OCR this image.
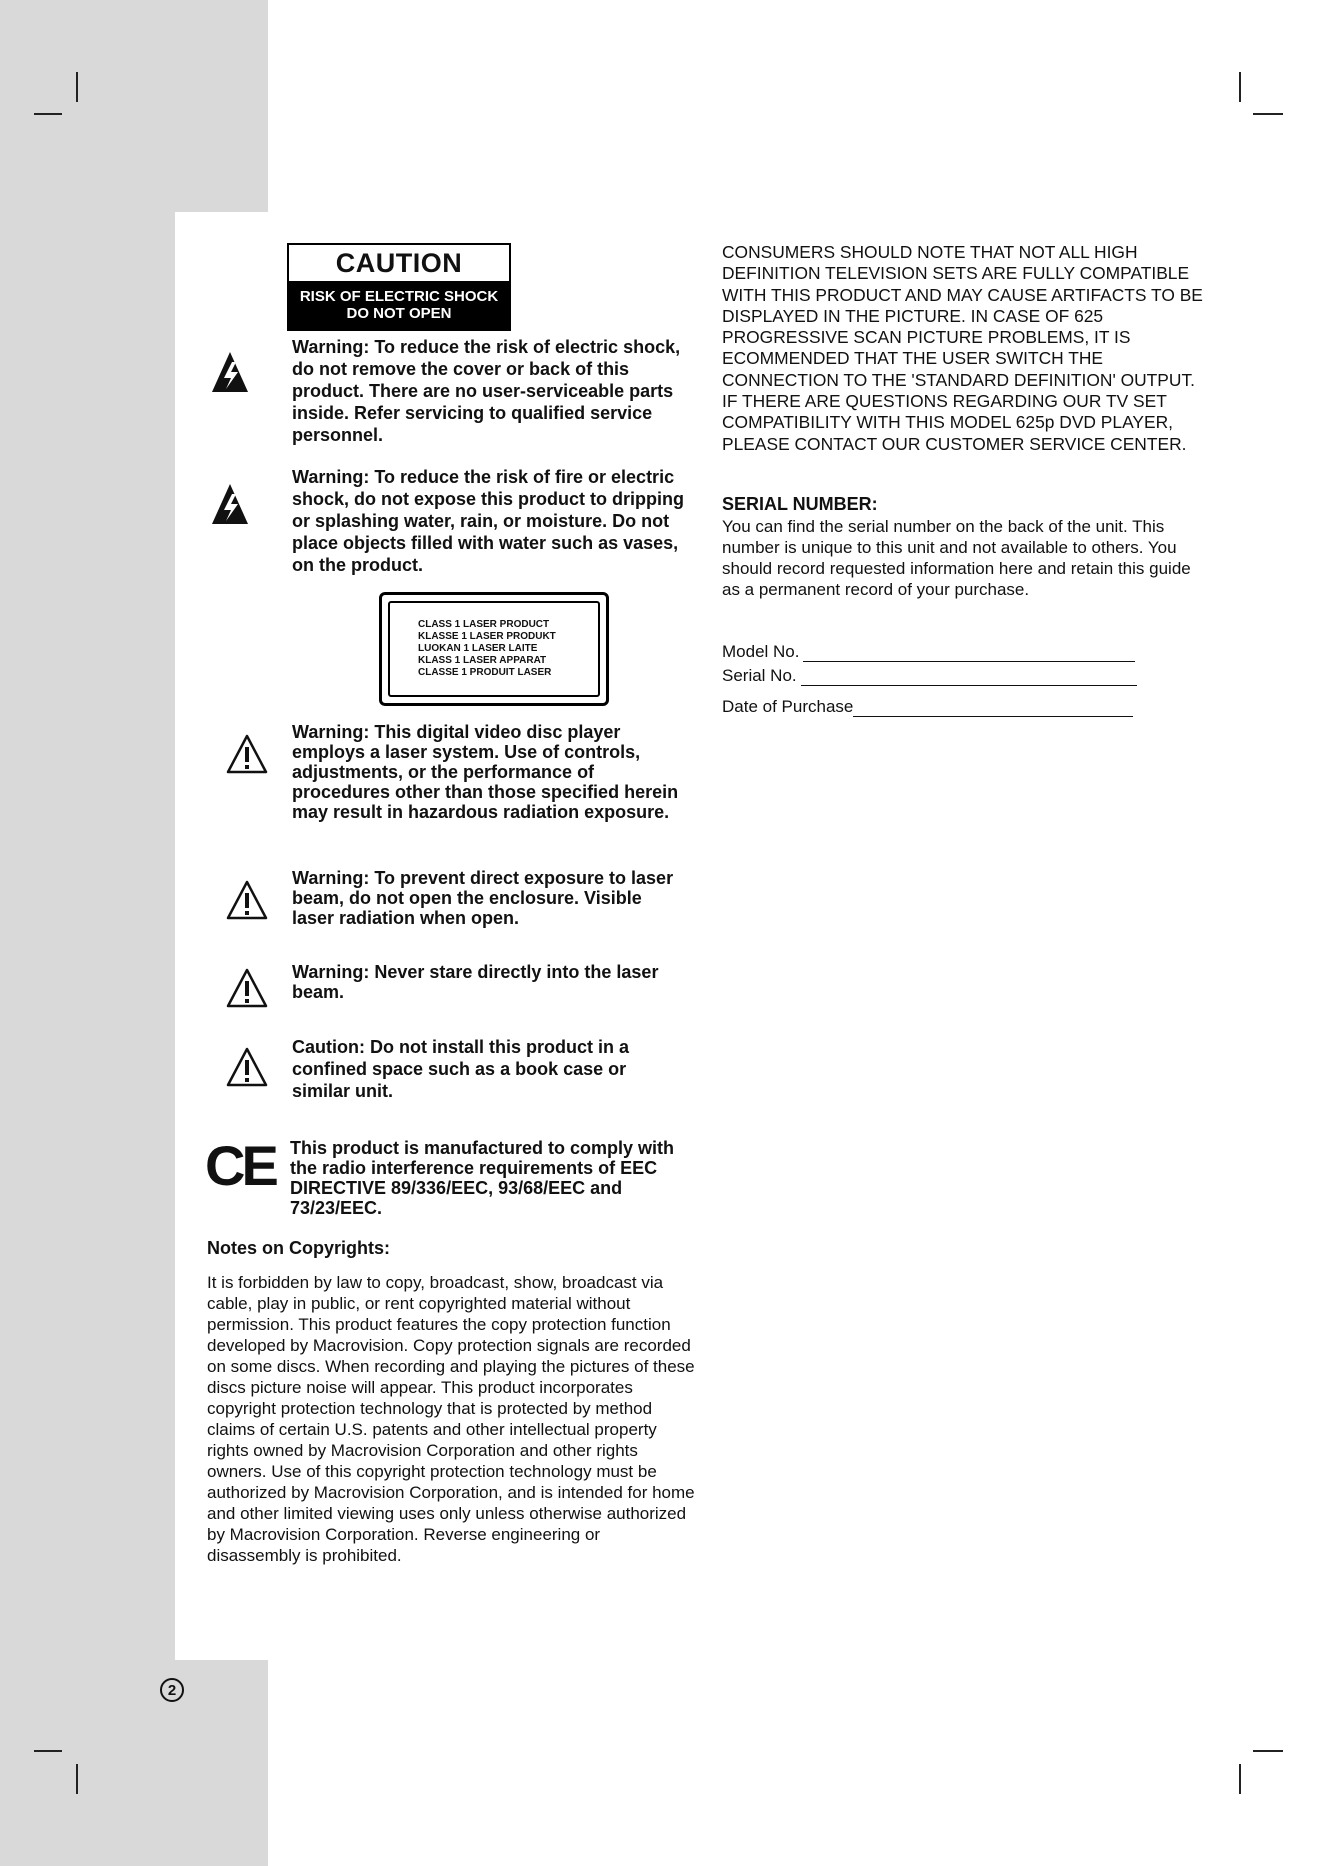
CAUTION
RISK OF ELECTRIC SHOCK
DO NOT OPEN

Warning: To reduce the risk of electric shock, do not remove the cover or back of this product. There are no user-serviceable parts inside. Refer servicing to qualified service personnel.

Warning: To reduce the risk of fire or electric shock, do not expose this product to dripping or splashing water, rain, or moisture. Do not place objects filled with water such as vases, on the product.

CLASS 1 LASER PRODUCT
KLASSE 1 LASER PRODUKT
LUOKAN 1 LASER LAITE
KLASS 1 LASER APPARAT
CLASSE 1 PRODUIT LASER

Warning: This digital video disc player employs a laser system. Use of controls, adjustments, or the performance of procedures other than those specified herein may result in hazardous radiation exposure.

Warning: To prevent direct exposure to laser beam, do not open the enclosure. Visible laser radiation when open.

Warning: Never stare directly into the laser beam.

Caution: Do not install this product in a confined space such as a book case or similar unit.

CE This product is manufactured to comply with the radio interference requirements of EEC DIRECTIVE 89/336/EEC, 93/68/EEC and 73/23/EEC.

Notes on Copyrights:

It is forbidden by law to copy, broadcast, show, broadcast via cable, play in public, or rent copyrighted material without permission. This product features the copy protection function developed by Macrovision. Copy protection signals are recorded on some discs. When recording and playing the pictures of these discs picture noise will appear. This product incorporates copyright protection technology that is protected by method claims of certain U.S. patents and other intellectual property rights owned by Macrovision Corporation and other rights owners. Use of this copyright protection technology must be authorized by Macrovision Corporation, and is intended for home and other limited viewing uses only unless otherwise authorized by Macrovision Corporation. Reverse engineering or disassembly is prohibited.

CONSUMERS SHOULD NOTE THAT NOT ALL HIGH DEFINITION TELEVISION SETS ARE FULLY COMPATIBLE WITH THIS PRODUCT AND MAY CAUSE ARTIFACTS TO BE DISPLAYED IN THE PICTURE. IN CASE OF 625 PROGRESSIVE SCAN PICTURE PROBLEMS, IT IS ECOMMENDED THAT THE USER SWITCH THE CONNECTION TO THE 'STANDARD DEFINITION' OUTPUT. IF THERE ARE QUESTIONS REGARDING OUR TV SET COMPATIBILITY WITH THIS MODEL 625p DVD PLAYER, PLEASE CONTACT OUR CUSTOMER SERVICE CENTER.

SERIAL NUMBER:

You can find the serial number on the back of the unit. This number is unique to this unit and not available to others. You should record requested information here and retain this guide as a permanent record of your purchase.

Model No.
Serial No.
Date of Purchase
2
